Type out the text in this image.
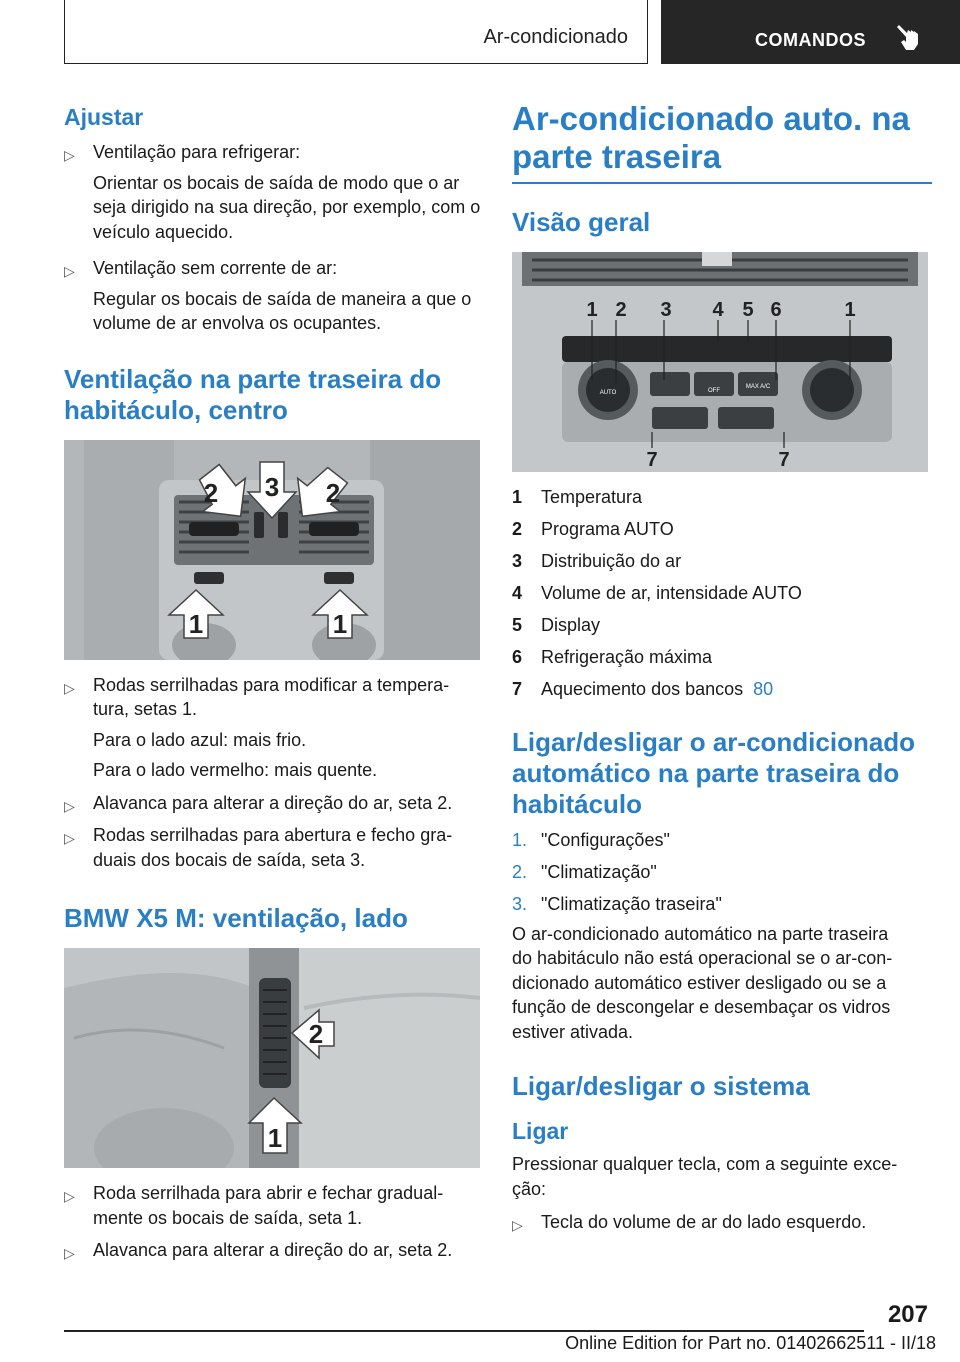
Ar-condicionado	COMANDOS
Ajustar
▷ Ventilação para refrigerar:
Orientar os bocais de saída de modo que o ar seja dirigido na sua direção, por exemplo, com o veículo aquecido.
▷ Ventilação sem corrente de ar:
Regular os bocais de saída de maneira a que o volume de ar envolva os ocupantes.
Ventilação na parte traseira do
habitáculo, centro
2 3 2
1	1
▷ Rodas serrilhadas para modificar a tempera‐
tura, setas 1.
Para o lado azul: mais frio.
Para o lado vermelho: mais quente.
▷ Alavanca para alterar a direção do ar, seta 2.
▷ Rodas serrilhadas para abertura e fecho gra‐
duais dos bocais de saída, seta 3.
BMW X5 M: ventilação, lado
2
1
▷ Roda serrilhada para abrir e fechar gradual‐
mente os bocais de saída, seta 1.
▷ Alavanca para alterar a direção do ar, seta 2.
Ar-condicionado auto. na
parte traseira
Visão geral
AUTO	OFF
MAX A/C
1 2 3 4 5 6	1
7	7
1 Temperatura
2 Programa AUTO
3 Distribuição do ar
4 Volume de ar, intensidade AUTO
5 Display
6 Refrigeração máxima
7 Aquecimento dos bancos 80
Ligar/desligar o ar-condicionado
automático na parte traseira do
habitáculo
1. "Configurações"
2. "Climatização"
3. "Climatização traseira"
O ar-condicionado automático na parte traseira
do habitáculo não está operacional se o ar-con‐
dicionado automático estiver desligado ou se a
função de descongelar e desembaçar os vidros
estiver ativada.
Ligar/desligar o sistema
Ligar
Pressionar qualquer tecla, com a seguinte exce‐
ção:
▷ Tecla do volume de ar do lado esquerdo.
207
Online Edition for Part no. 01402662511 - II/18
